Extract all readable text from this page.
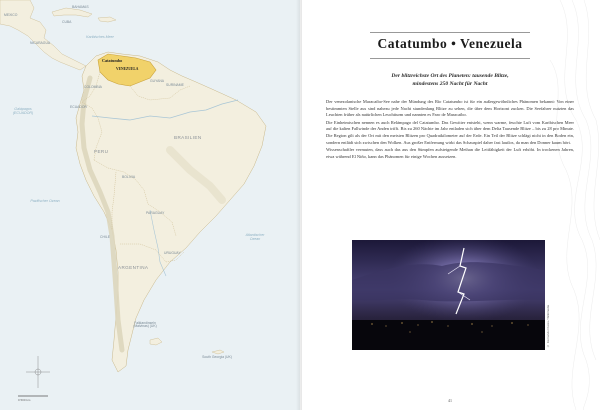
BAHAMAS
CUBA
MEXICO
NICARAGUA
Karibisches Meer
Catatumbo
VENEZUELA
COLOMBIA
GUYANA
SURINAME
ECUADOR
Galápagos (ECUADOR)
PERU
BRASILIEN
BOLIVIA
PARAGUAY
CHILE
URUGUAY
ARGENTINA
Pazifischer Ozean
Atlantischer Ozean
Falklandinseln (Malvinas) (UK)
South Georgia (UK)
0 500 km
Catatumbo • Venezuela
Der blitzreichste Ort des Planeten: tausende Blitze,
mindestens 250 Nacht für Nacht

Der venezolanische Maracaibo-See nahe der Mündung des Río Catatumbo ist für ein außergewöhnliches Phänomen bekannt: Von einer bestimmten Stelle aus sind nahezu jede Nacht stundenlang Blitze zu sehen, die über dem Horizont zucken. Die Seefahrer nutzten das Leuchten früher als natürlichen Leuchtturm und nannten es Faro de Maracaibo.

Die Einheimischen nennen es auch Relámpago del Catatumbo. Das Gewitter entsteht, wenn warme, feuchte Luft vom Karibischen Meer auf die kalten Fallwinde der Anden trifft. Bis zu 260 Nächte im Jahr entladen sich über dem Delta Tausende Blitze – bis zu 28 pro Minute. Die Region gilt als der Ort mit den meisten Blitzen pro Quadratkilometer auf der Erde. Ein Teil der Blitze schlägt nicht in den Boden ein, sondern entlädt sich zwischen den Wolken. Aus großer Entfernung wirkt das Schauspiel daher fast lautlos, da man den Donner kaum hört.

Wissenschaftler vermuten, dass auch das aus den Sümpfen aufsteigende Methan die Leitfähigkeit der Luft erhöht. In trockenen Jahren, etwa während El Niño, kann das Phänomen für einige Wochen aussetzen.

© Fernando Flores / Wikimedia
41
